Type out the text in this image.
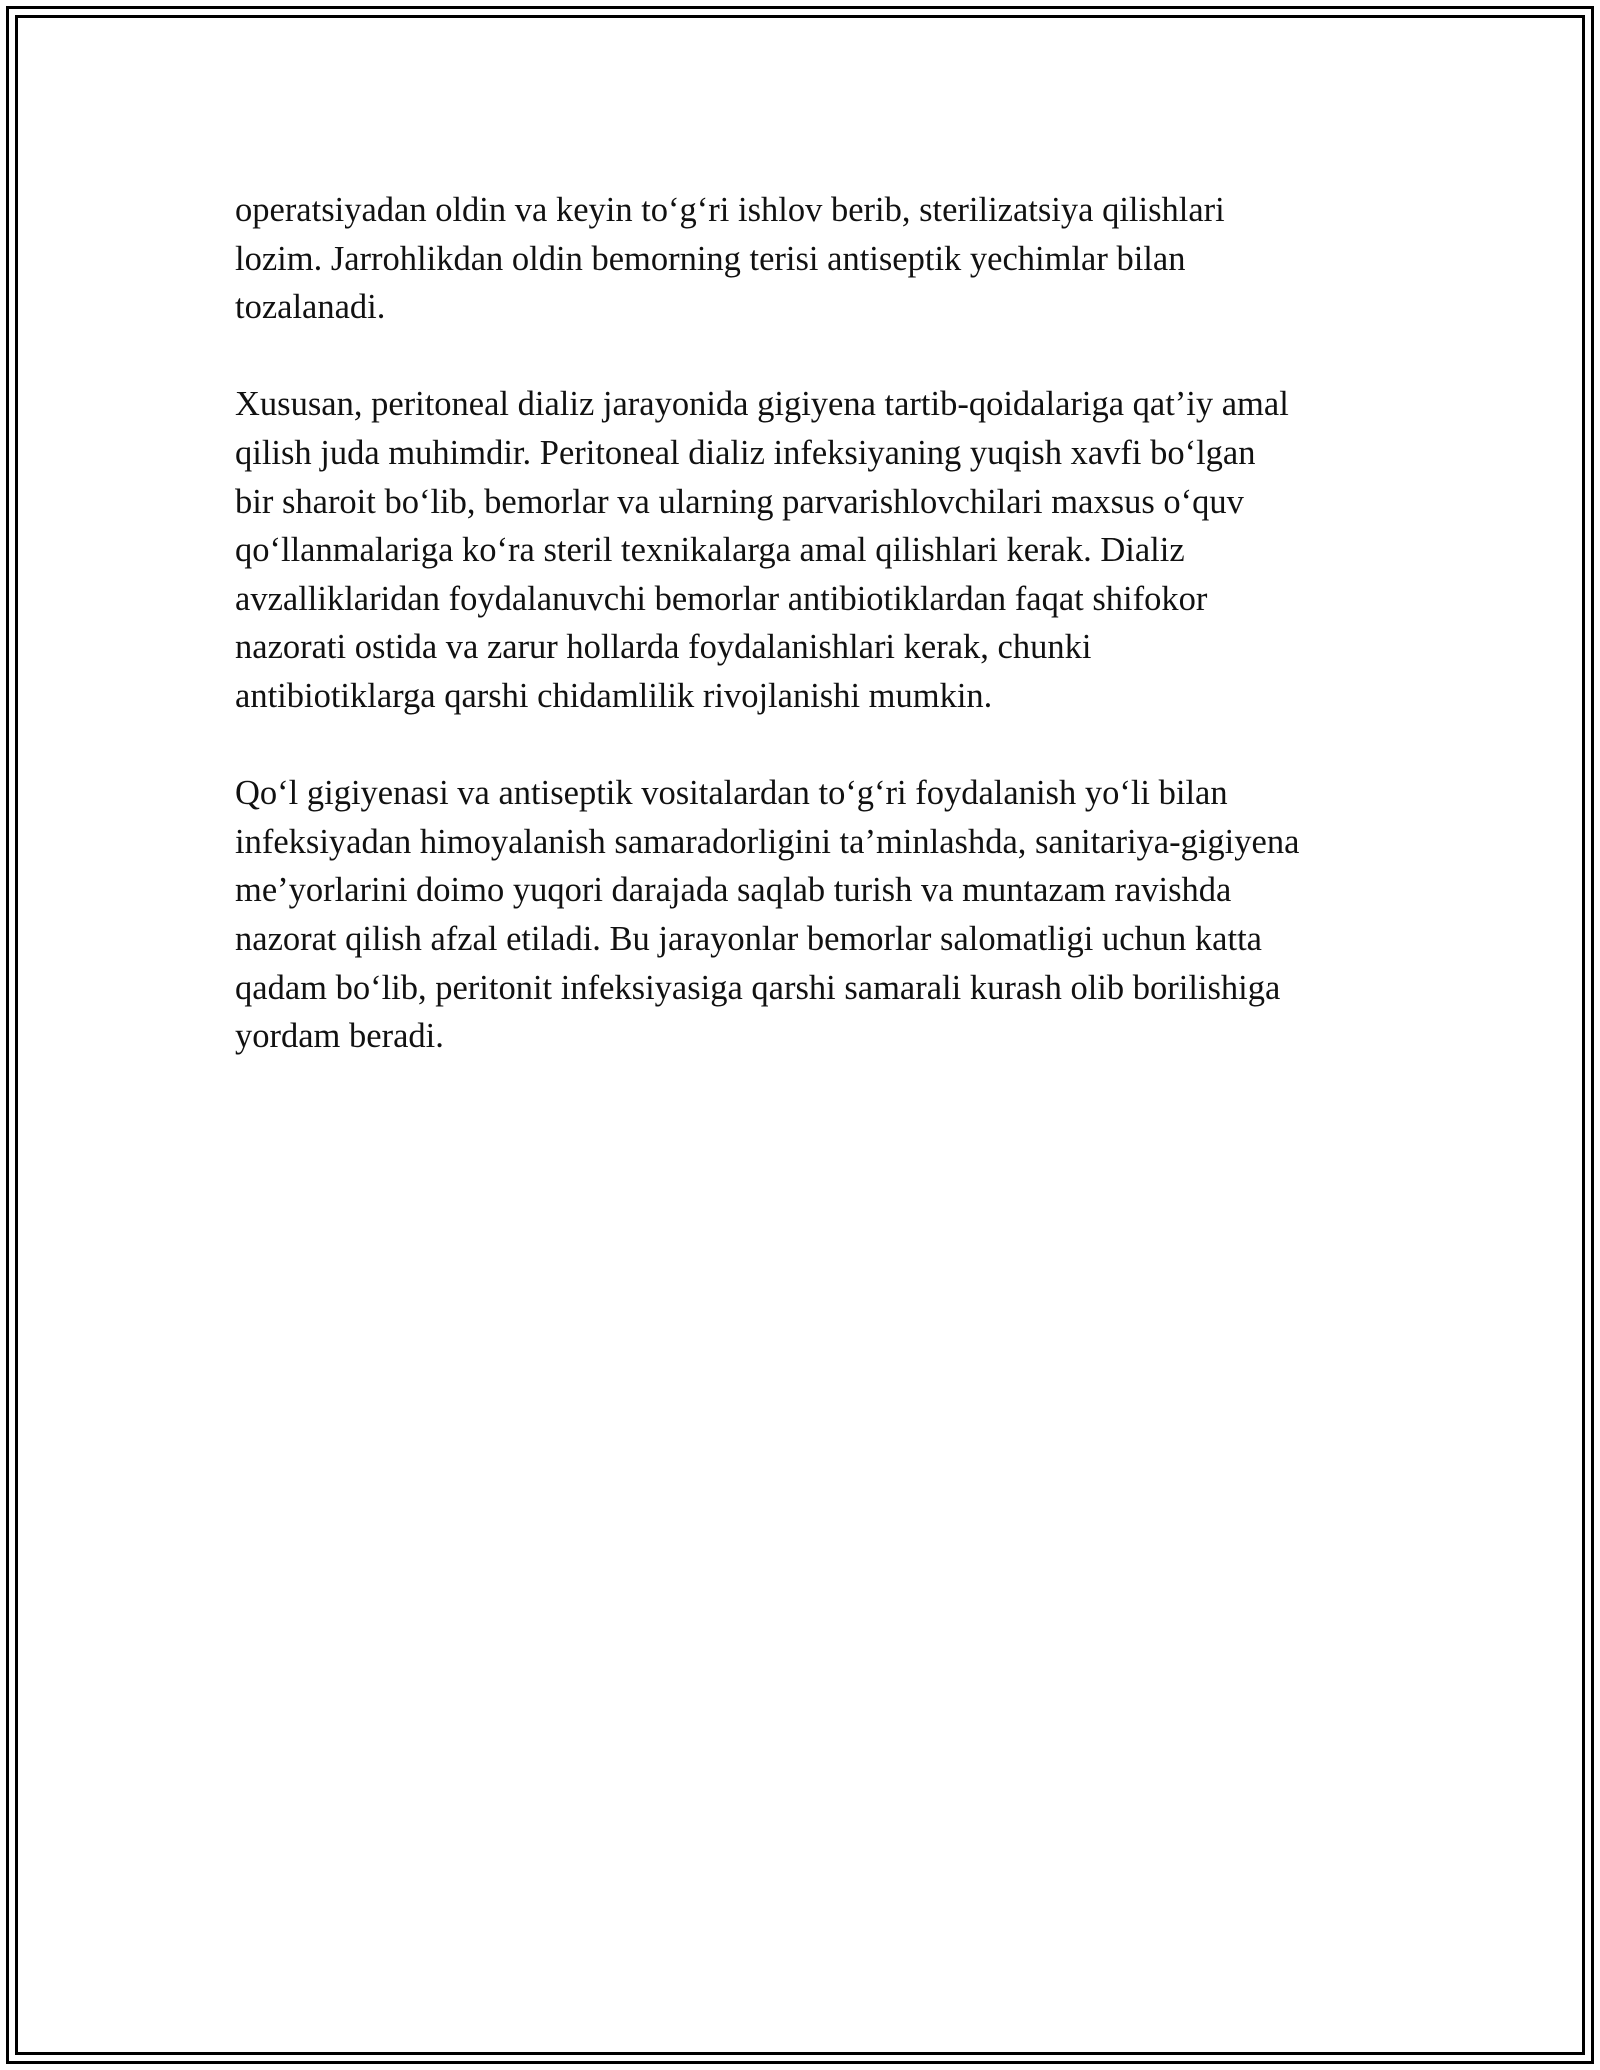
operatsiyadan oldin va keyin to‘g‘ri ishlov berib, sterilizatsiya qilishlari
lozim. Jarrohlikdan oldin bemorning terisi antiseptik yechimlar bilan
tozalanadi.

Xususan, peritoneal dializ jarayonida gigiyena tartib-qoidalariga qat’iy amal
qilish juda muhimdir. Peritoneal dializ infeksiyaning yuqish xavfi bo‘lgan
bir sharoit bo‘lib, bemorlar va ularning parvarishlovchilari maxsus o‘quv
qo‘llanmalariga ko‘ra steril texnikalarga amal qilishlari kerak. Dializ
avzalliklaridan foydalanuvchi bemorlar antibiotiklardan faqat shifokor
nazorati ostida va zarur hollarda foydalanishlari kerak, chunki
antibiotiklarga qarshi chidamlilik rivojlanishi mumkin.

Qo‘l gigiyenasi va antiseptik vositalardan to‘g‘ri foydalanish yo‘li bilan
infeksiyadan himoyalanish samaradorligini ta’minlashda, sanitariya-gigiyena
me’yorlarini doimo yuqori darajada saqlab turish va muntazam ravishda
nazorat qilish afzal etiladi. Bu jarayonlar bemorlar salomatligi uchun katta
qadam bo‘lib, peritonit infeksiyasiga qarshi samarali kurash olib borilishiga
yordam beradi.
